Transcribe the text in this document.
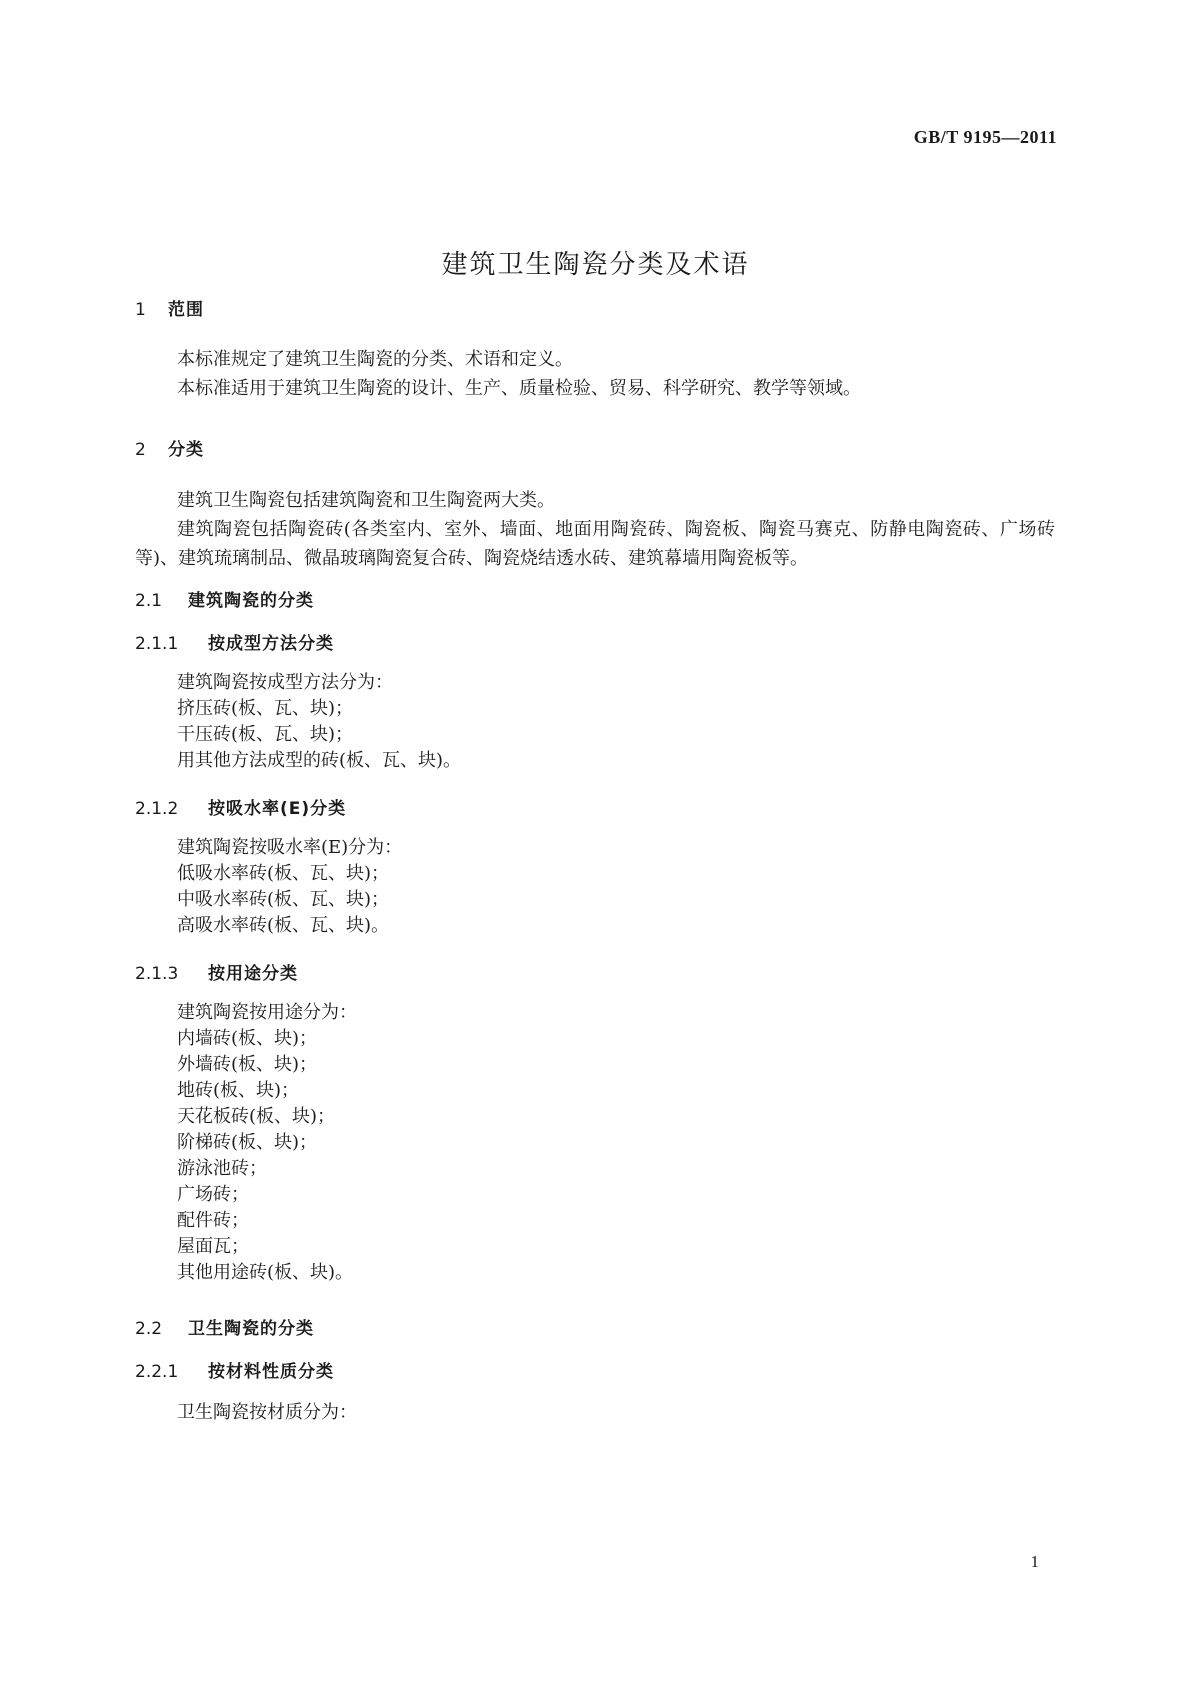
GB/T 9195—2011
建筑卫生陶瓷分类及术语
1 范围

本标准规定了建筑卫生陶瓷的分类、术语和定义。

本标准适用于建筑卫生陶瓷的设计、生产、质量检验、贸易、科学研究、教学等领域。

2 分类

建筑卫生陶瓷包括建筑陶瓷和卫生陶瓷两大类。

建筑陶瓷包括陶瓷砖(各类室内、室外、墙面、地面用陶瓷砖、陶瓷板、陶瓷马赛克、防静电陶瓷砖、广场砖等)、建筑琉璃制品、微晶玻璃陶瓷复合砖、陶瓷烧结透水砖、建筑幕墙用陶瓷板等。

2.1 建筑陶瓷的分类
2.1.1 按成型方法分类

建筑陶瓷按成型方法分为：

挤压砖(板、瓦、块)；

干压砖(板、瓦、块)；

用其他方法成型的砖(板、瓦、块)。

2.1.2 按吸水率(E)分类

建筑陶瓷按吸水率(E)分为：

低吸水率砖(板、瓦、块)；

中吸水率砖(板、瓦、块)；

高吸水率砖(板、瓦、块)。

2.1.3 按用途分类

建筑陶瓷按用途分为：

内墙砖(板、块)；

外墙砖(板、块)；

地砖(板、块)；

天花板砖(板、块)；

阶梯砖(板、块)；

游泳池砖；

广场砖；

配件砖；

屋面瓦；

其他用途砖(板、块)。

2.2 卫生陶瓷的分类
2.2.1 按材料性质分类

卫生陶瓷按材质分为：

1
